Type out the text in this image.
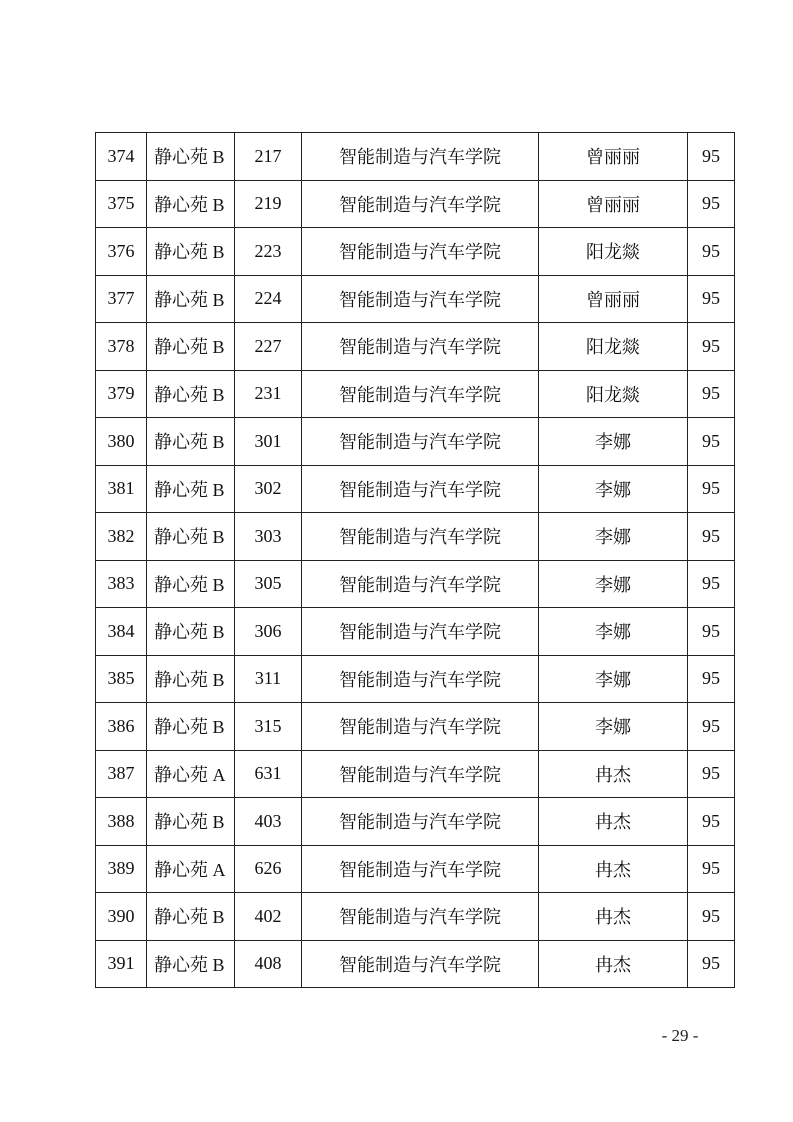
374	静心苑 B	217	智能制造与汽车学院	曾丽丽	95
375	静心苑 B	219	智能制造与汽车学院	曾丽丽	95
376	静心苑 B	223	智能制造与汽车学院	阳龙燚	95
377	静心苑 B	224	智能制造与汽车学院	曾丽丽	95
378	静心苑 B	227	智能制造与汽车学院	阳龙燚	95
379	静心苑 B	231	智能制造与汽车学院	阳龙燚	95
380	静心苑 B	301	智能制造与汽车学院	李娜	95
381	静心苑 B	302	智能制造与汽车学院	李娜	95
382	静心苑 B	303	智能制造与汽车学院	李娜	95
383	静心苑 B	305	智能制造与汽车学院	李娜	95
384	静心苑 B	306	智能制造与汽车学院	李娜	95
385	静心苑 B	311	智能制造与汽车学院	李娜	95
386	静心苑 B	315	智能制造与汽车学院	李娜	95
387	静心苑 A	631	智能制造与汽车学院	冉杰	95
388	静心苑 B	403	智能制造与汽车学院	冉杰	95
389	静心苑 A	626	智能制造与汽车学院	冉杰	95
390	静心苑 B	402	智能制造与汽车学院	冉杰	95
391	静心苑 B	408	智能制造与汽车学院	冉杰	95
- 29 -
